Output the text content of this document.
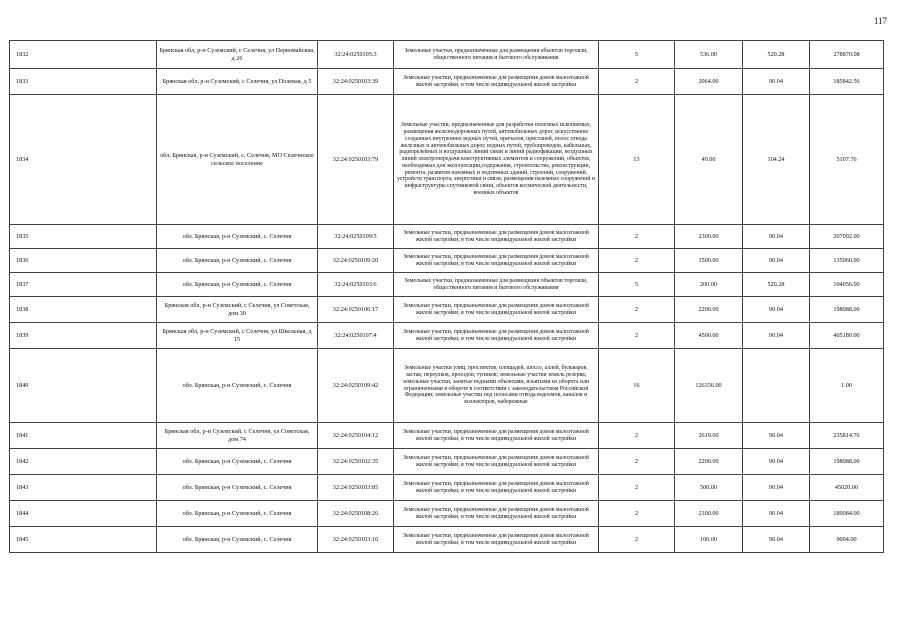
117
1832	Брянская обл, р-н Суземский, с Селечня, ул Первомайская, д 26	32:24:0250105:3	Земельные участки, предназначенные для размещения объектов торговли, общественного питания и бытового обслуживания	5	536.00	520.28	278870.08
1833	Брянская обл, р-н Суземский, с Селечня, ул Полевая, д 5	32:24:0250103:39	Земельные участки, предназначенные для размещения домов малоэтажной жилой застройки, в том числе индивидуальной жилой застройки	2	2064.00	90.04	185842.56
1834	обл. Брянская, р-н Суземский, с. Селечня, МО Селечнское сельское поселение	32:24:0250103:79	Земельные участки, предназначенные для разработки полезных ископаемых, размещения железнодорожных путей, автомобильных дорог, искусственно созданных внутренних водных путей, причалов, пристаней, полос отвода железных и автомобильных дорог, водных путей, трубопроводов, кабельных, радиорелейных и воздушных линий связи и линий радиофикации, воздушных линий электропередачи конструктивных элементов и сооружений, объектов, необходимых для эксплуатации,содержания, строительства, реконструкции, ремонта, развития наземных и подземных зданий, строений, сооружений, устройств транспорта, энергетики и связи; размещения наземных сооружений и инфраструктуры спутниковой связи, объектов космической деятельности, военных объектов	13	49.00	104.24	5107.76
1835	обл. Брянская, р-н Суземский, с. Селечня	32:24:0250109:5	Земельные участки, предназначенные для размещения домов малоэтажной жилой застройки, в том числе индивидуальной жилой застройки	2	2300.00	90.04	207092.00
1836	обл. Брянская, р-н Суземский, с. Селечня	32:24:0250109:20	Земельные участки, предназначенные для размещения домов малоэтажной жилой застройки, в том числе индивидуальной жилой застройки	2	1500.00	90.04	135060.00
1837	обл. Брянская, р-н Суземский, с. Селечня	32:24:0250103:6	Земельные участки, предназначенные для размещения объектов торговли, общественного питания и бытового обслуживания	5	200.00	520.28	104056.00
1838	Брянская обл, р-н Суземский, с Селечня, ул Советская, дом 30	32:24:0250106:17	Земельные участки, предназначенные для размещения домов малоэтажной жилой застройки, в том числе индивидуальной жилой застройки	2	2200.00	90.04	198088.00
1839	Брянская обл, р-н Суземский, с Селечня, ул Школьная, д 15	32:24:0250107:4	Земельные участки, предназначенные для размещения домов малоэтажной жилой застройки, в том числе индивидуальной жилой застройки	2	4500.00	90.04	405180.00
1840	обл. Брянская, р-н Суземский, с. Селечня	32:24:0250109:42	Земельные участки улиц, проспектов, площадей, шоссе, аллей, бульваров, застав, переулков, проездов, тупиков; земельные участки земель резерва; земельные участки, занятые водными объектами, изъятыми из оборота или ограниченными в обороте в соответствии с законодательством Российской Федерации; земельные участки под полосами отвода водоемов, каналов и коллекторов, набережные	16	126356.00		1.00
1841	Брянская обл, р-н Суземский, с Селечня, ул Советская, дом 74	32:24:0250104:12	Земельные участки, предназначенные для размещения домов малоэтажной жилой застройки, в том числе индивидуальной жилой застройки	2	2619.00	90.04	235814.76
1842	обл. Брянская, р-н Суземский, с. Селечня	32:24:0250102:35	Земельные участки, предназначенные для размещения домов малоэтажной жилой застройки, в том числе индивидуальной жилой застройки	2	2200.00	90.04	198088.00
1843	обл. Брянская, р-н Суземский, с. Селечня	32:24:0250103:85	Земельные участки, предназначенные для размещения домов малоэтажной жилой застройки, в том числе индивидуальной жилой застройки	2	500.00	90.04	45020.00
1844	обл. Брянская, р-н Суземский, с. Селечня	32:24:0250108:26	Земельные участки, предназначенные для размещения домов малоэтажной жилой застройки, в том числе индивидуальной жилой застройки	2	2100.00	90.04	189084.00
1845	обл. Брянская, р-н Суземский, с. Селечня	32:24:0250103:16	Земельные участки, предназначенные для размещения домов малоэтажной жилой застройки, в том числе индивидуальной жилой застройки	2	100.00	90.04	9004.00
